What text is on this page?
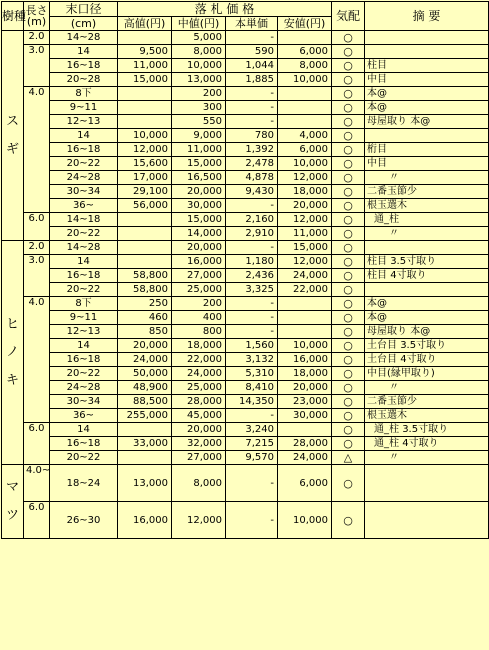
樹種	長さ
(m)	末口径	落 札 価 格				気配	摘 要
		(cm)	高値(円)	中値(円)	本単価	安値(円)		

ス
ギ	2.0	14~28		5,000	-		○	
	3.0	14	9,500	8,000	590	6,000	○	
		16~18	11,000	10,000	1,044	8,000	○	柱目
		20~28	15,000	13,000	1,885	10,000	○	中目
	4.0	8下		200	-		○	本@
		9~11		300	-		○	本@
		12~13		550	-		○	母屋取り 本@
		14	10,000	9,000	780	4,000	○	
		16~18	12,000	11,000	1,392	6,000	○	桁目
		20~22	15,600	15,000	2,478	10,000	○	中目
		24~28	17,000	16,500	4,878	12,000	○	〃
		30~34	29,100	20,000	9,430	18,000	○	二番玉節少
		36~	56,000	30,000	-	20,000	○	根玉選木
	6.0	14~18		15,000	2,160	12,000	○	通_柱
		20~22		14,000	2,910	11,000	○	〃

ヒ
ノ
キ	2.0	14~28		20,000	-	15,000	○	
	3.0	14		16,000	1,180	12,000	○	柱目 3.5寸取り
		16~18	58,800	27,000	2,436	24,000	○	柱目 4寸取り
		20~22	58,800	25,000	3,325	22,000	○	
	4.0	8下	250	200	-		○	本@
		9~11	460	400	-		○	本@
		12~13	850	800	-		○	母屋取り 本@
		14	20,000	18,000	1,560	10,000	○	土台目 3.5寸取り
		16~18	24,000	22,000	3,132	16,000	○	土台目 4寸取り
		20~22	50,000	24,000	5,310	18,000	○	中目(縁甲取り)
		24~28	48,900	25,000	8,410	20,000	○	〃
		30~34	88,500	28,000	14,350	23,000	○	二番玉節少
		36~	255,000	45,000	-	30,000	○	根玉選木
	6.0	14		20,000	3,240		○	通_柱 3.5寸取り
		16~18	33,000	32,000	7,215	28,000	○	通_柱 4寸取り
		20~22		27,000	9,570	24,000	△	〃

マ
ツ	4.0~	18~24	13,000	8,000	-	6,000	○	
	6.0	26~30	16,000	12,000	-	10,000	○	
